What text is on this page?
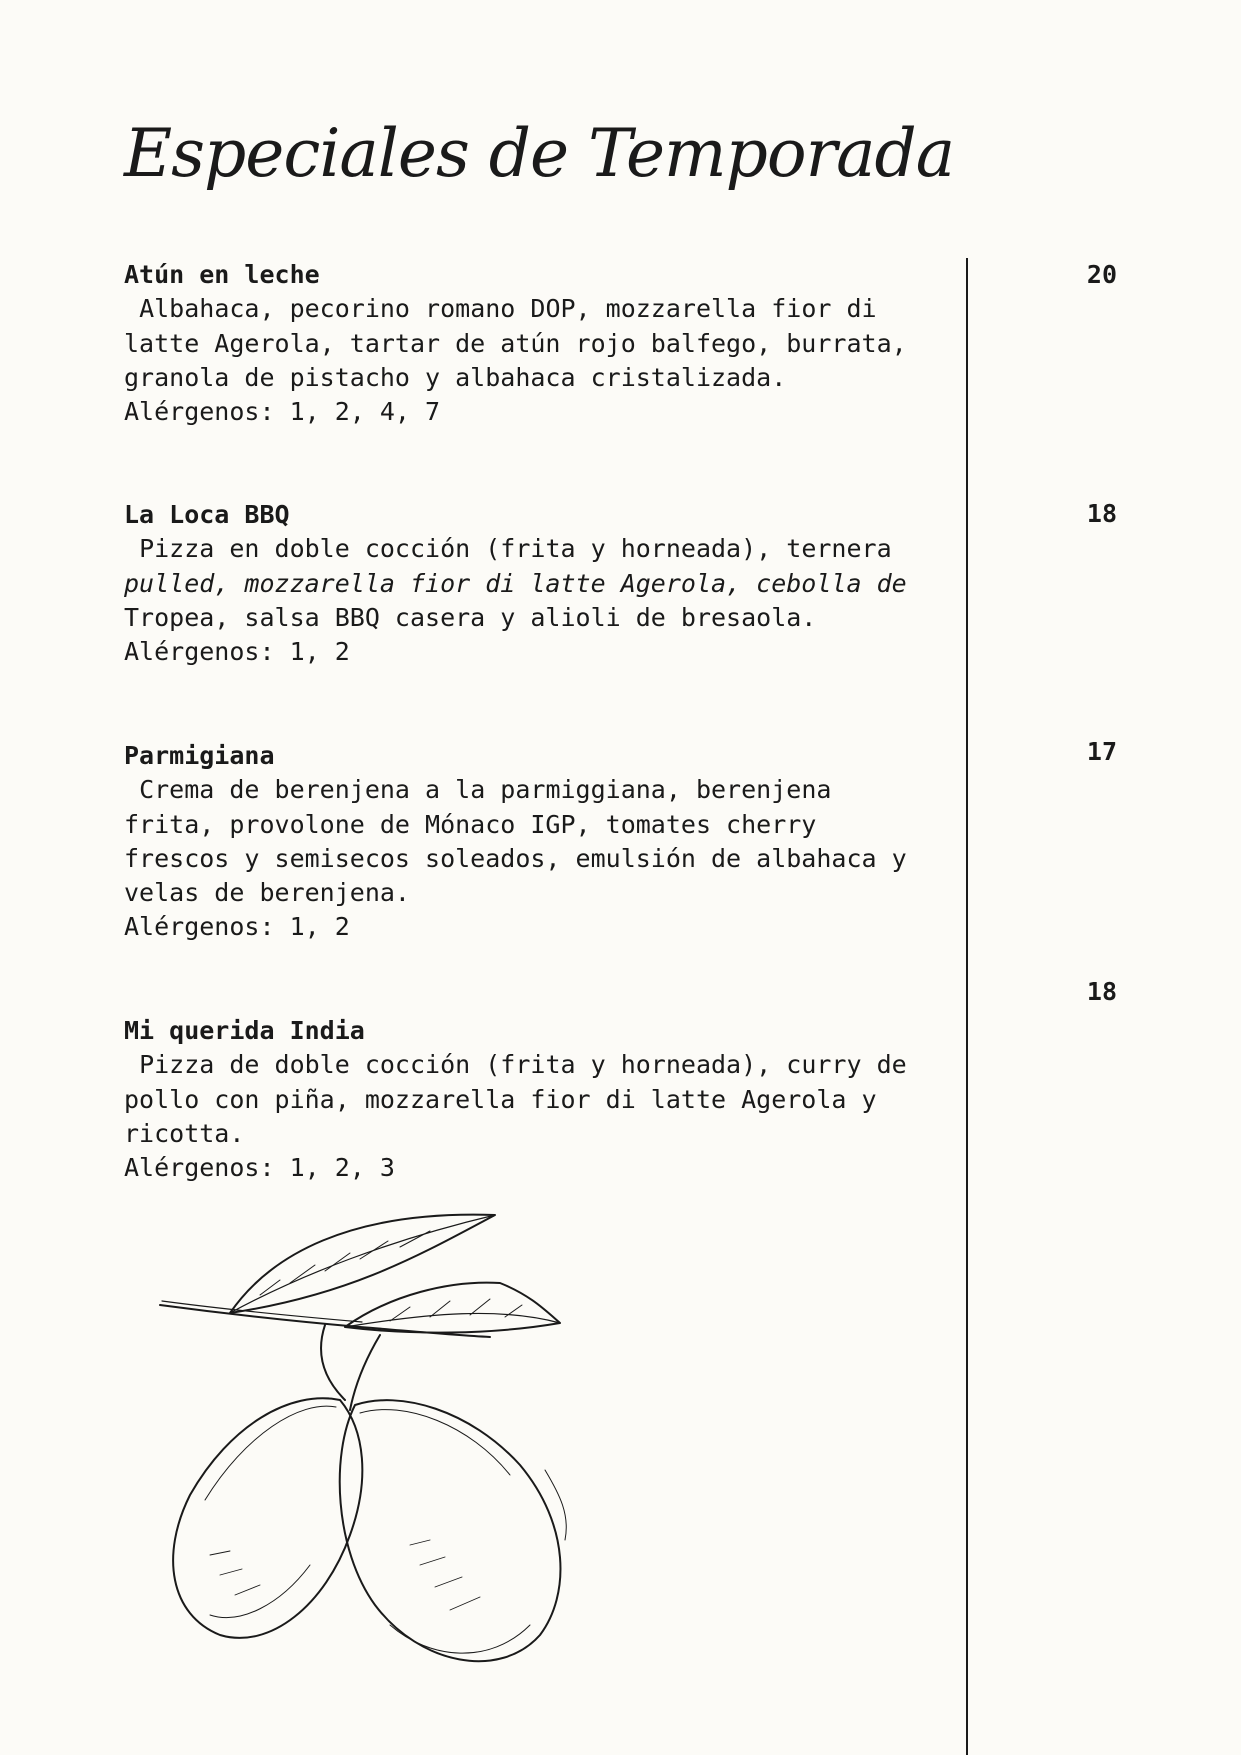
Especiales de Temporada
Atún en leche
Albahaca, pecorino romano DOP, mozzarella fior di
latte Agerola, tartar de atún rojo balfego, burrata,
granola de pistacho y albahaca cristalizada.
Alérgenos: 1, 2, 4, 7
20
La Loca BBQ
Pizza en doble cocción (frita y horneada), ternera
pulled, mozzarella fior di latte Agerola, cebolla de
Tropea, salsa BBQ casera y alioli de bresaola.
Alérgenos: 1, 2
18
Parmigiana
Crema de berenjena a la parmiggiana, berenjena
frita, provolone de Mónaco IGP, tomates cherry
frescos y semisecos soleados, emulsión de albahaca y
velas de berenjena.
Alérgenos: 1, 2
17
Mi querida India
Pizza de doble cocción (frita y horneada), curry de
pollo con piña, mozzarella fior di latte Agerola y
ricotta.
Alérgenos: 1, 2, 3
18
